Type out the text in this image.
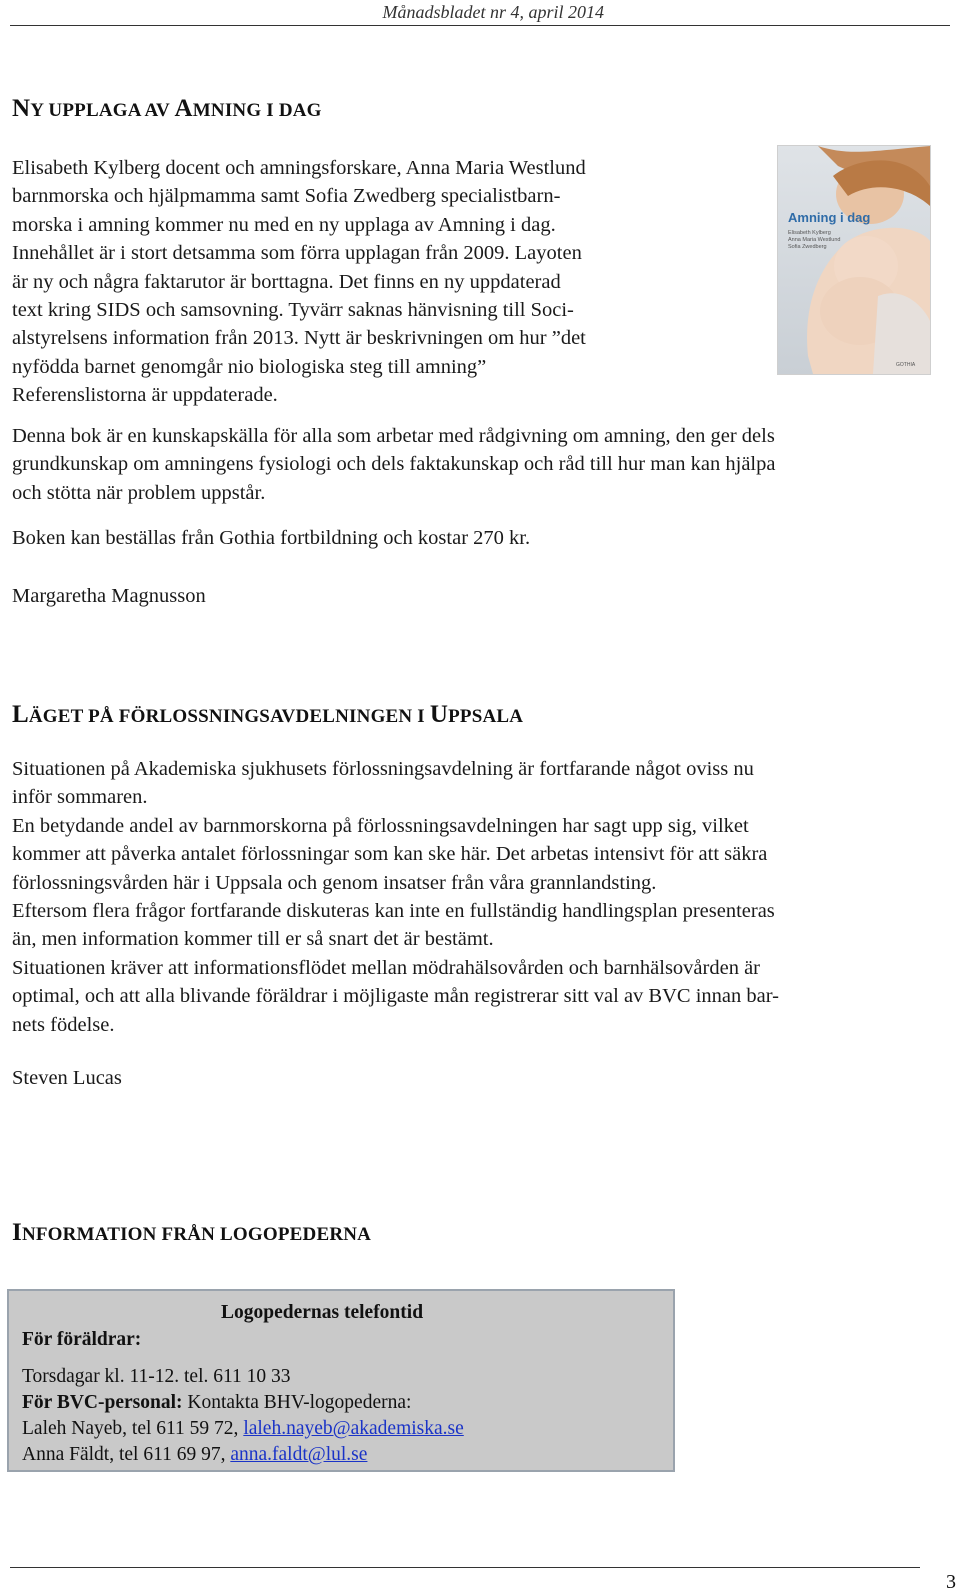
Månadsbladet nr 4, april 2014
NY UPPLAGA AV AMNING I DAG
Elisabeth Kylberg docent och amningsforskare, Anna Maria Westlund
barnmorska och hjälpmamma samt Sofia Zwedberg specialistbarn-
morska i amning kommer nu med en ny upplaga av Amning i dag.
Innehållet är i stort detsamma som förra upplagan från 2009. Layoten
är ny och några faktarutor är borttagna. Det finns en ny uppdaterad
text kring SIDS och samsovning. Tyvärr saknas hänvisning till Soci-
alstyrelsens information från 2013. Nytt är beskrivningen om hur ”det
nyfödda barnet genomgår nio biologiska steg till amning”
Referenslistorna är uppdaterade.
Amning i dag
Elisabeth Kylberg
Anna Maria Westlund
Sofia Zwedberg
GOTHIA
Denna bok är en kunskapskälla för alla som arbetar med rådgivning om amning, den ger dels
grundkunskap om amningens fysiologi och dels faktakunskap och råd till hur man kan hjälpa
och stötta när problem uppstår.
Boken kan beställas från Gothia fortbildning och kostar 270 kr.
Margaretha Magnusson
LÄGET PÅ FÖRLOSSNINGSAVDELNINGEN I UPPSALA
Situationen på Akademiska sjukhusets förlossningsavdelning är fortfarande något oviss nu
inför sommaren.
En betydande andel av barnmorskorna på förlossningsavdelningen har sagt upp sig, vilket
kommer att påverka antalet förlossningar som kan ske här. Det arbetas intensivt för att säkra
förlossningsvården här i Uppsala och genom insatser från våra grannlandsting.
Eftersom flera frågor fortfarande diskuteras kan inte en fullständig handlingsplan presenteras
än, men information kommer till er så snart det är bestämt.
Situationen kräver att informationsflödet mellan mödrahälsovården och barnhälsovården är
optimal, och att alla blivande föräldrar i möjligaste mån registrerar sitt val av BVC innan bar-
nets födelse.
Steven Lucas
INFORMATION FRÅN LOGOPEDERNA
Logopedernas telefontid
För föräldrar:
Torsdagar kl. 11-12. tel. 611 10 33
För BVC-personal: Kontakta BHV-logopederna:
Laleh Nayeb, tel 611 59 72, laleh.nayeb@akademiska.se
Anna Fäldt, tel 611 69 97, anna.faldt@lul.se
3
